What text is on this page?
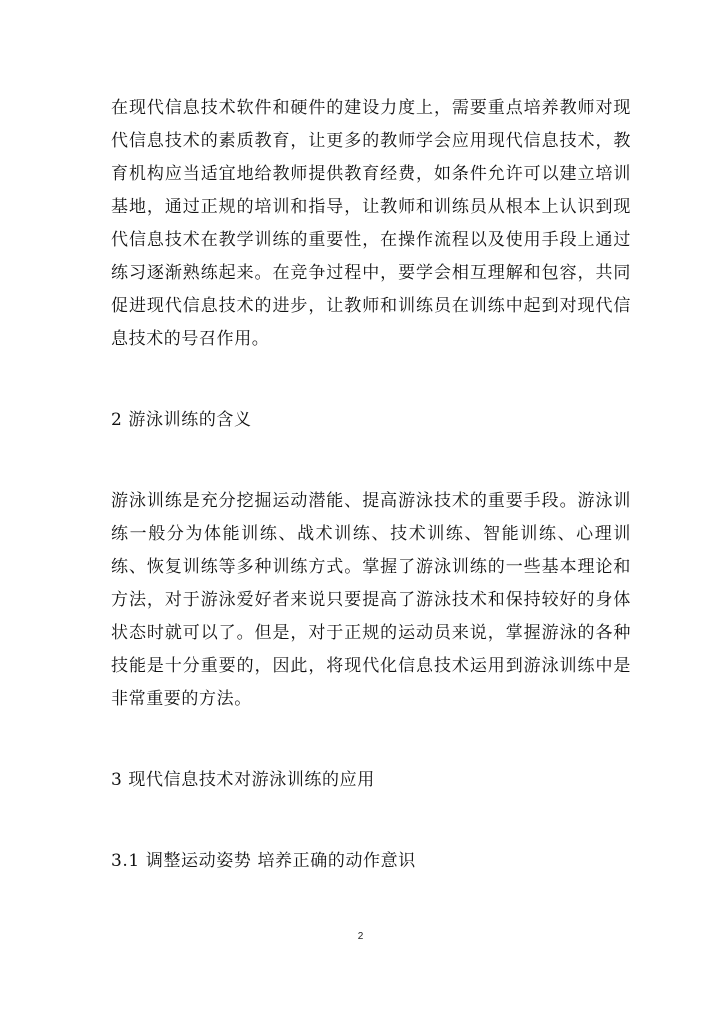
在现代信息技术软件和硬件的建设力度上，需要重点培养教师对现代信息技术的素质教育，让更多的教师学会应用现代信息技术，教育机构应当适宜地给教师提供教育经费，如条件允许可以建立培训基地，通过正规的培训和指导，让教师和训练员从根本上认识到现代信息技术在教学训练的重要性，在操作流程以及使用手段上通过练习逐渐熟练起来。在竞争过程中，要学会相互理解和包容，共同促进现代信息技术的进步，让教师和训练员在训练中起到对现代信息技术的号召作用。

2 游泳训练的含义

游泳训练是充分挖掘运动潜能、提高游泳技术的重要手段。游泳训练一般分为体能训练、战术训练、技术训练、智能训练、心理训练、恢复训练等多种训练方式。掌握了游泳训练的一些基本理论和方法，对于游泳爱好者来说只要提高了游泳技术和保持较好的身体状态时就可以了。但是，对于正规的运动员来说，掌握游泳的各种技能是十分重要的，因此，将现代化信息技术运用到游泳训练中是非常重要的方法。

3 现代信息技术对游泳训练的应用

3.1 调整运动姿势 培养正确的动作意识

2
